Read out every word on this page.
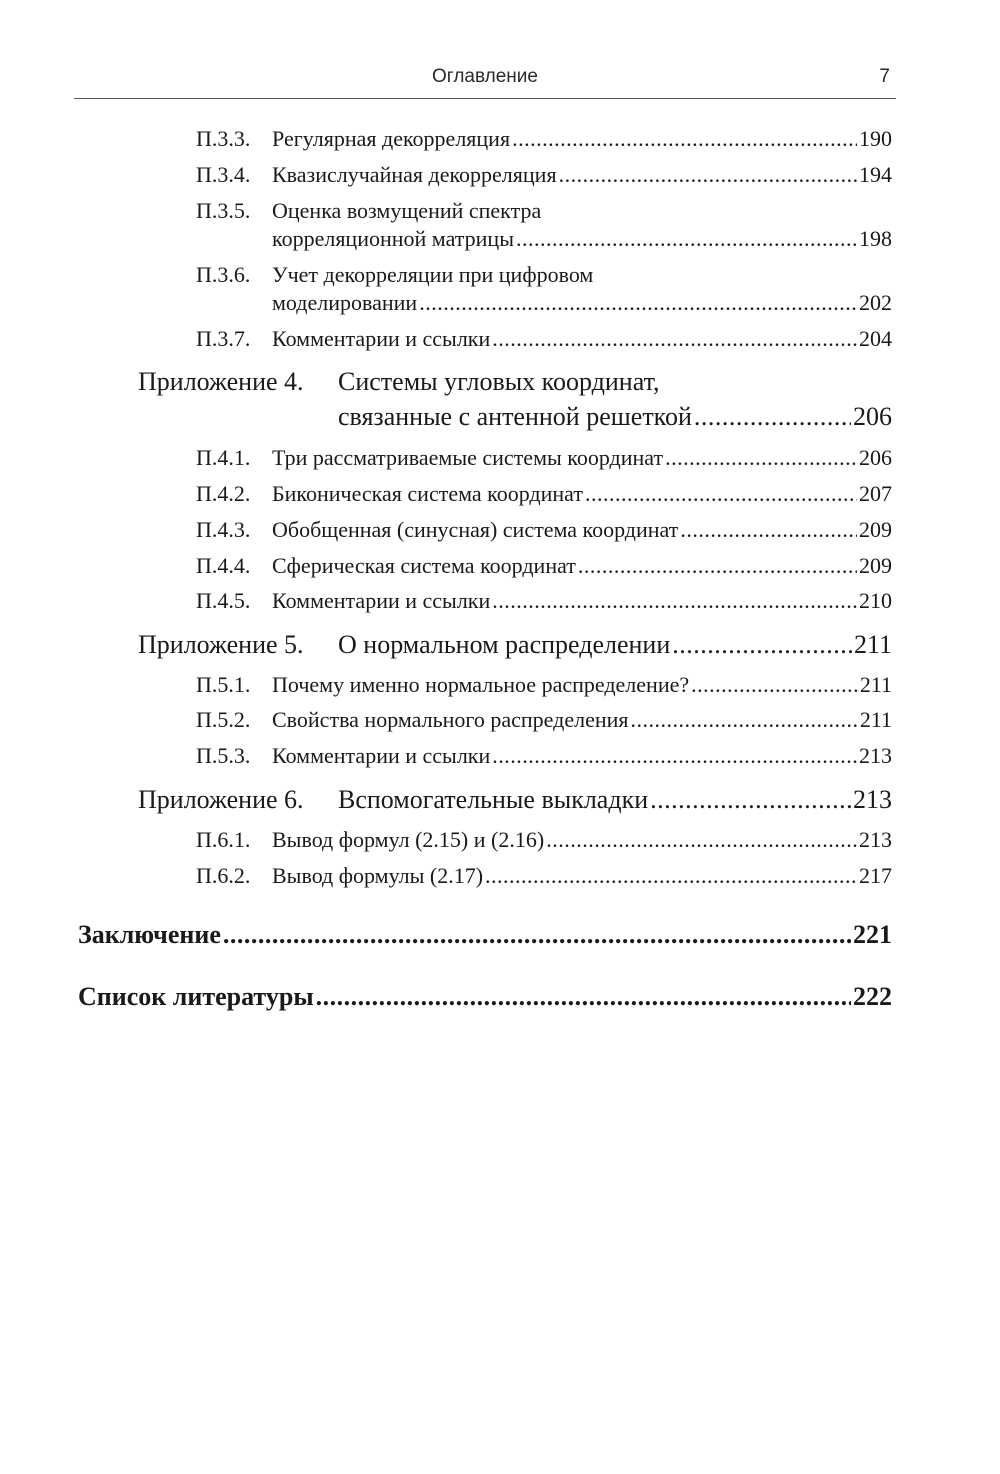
Оглавление	7
П.3.3. Регулярная декорреляция .....	190
П.3.4. Квазислучайная декорреляция .....	194
П.3.5. Оценка возмущений спектра
корреляционной матрицы .....	198
П.3.6. Учет декорреляции при цифровом
моделировании .....	202
П.3.7. Комментарии и ссылки .....	204
Приложение 4.	Системы угловых координат,
связанные с антенной решеткой .....	206
П.4.1. Три рассматриваемые системы координат .....	206
П.4.2. Биконическая система координат .....	207
П.4.3. Обобщенная (синусная) система координат .....	209
П.4.4. Сферическая система координат .....	209
П.4.5. Комментарии и ссылки .....	210
Приложение 5.	О нормальном распределении .....	211
П.5.1. Почему именно нормальное распределение? .....	211
П.5.2. Свойства нормального распределения .....	211
П.5.3. Комментарии и ссылки .....	213
Приложение 6.	Вспомогательные выкладки .....	213
П.6.1. Вывод формул (2.15) и (2.16) .....	213
П.6.2. Вывод формулы (2.17) .....	217
Заключение .....	221
Список литературы .....	222
